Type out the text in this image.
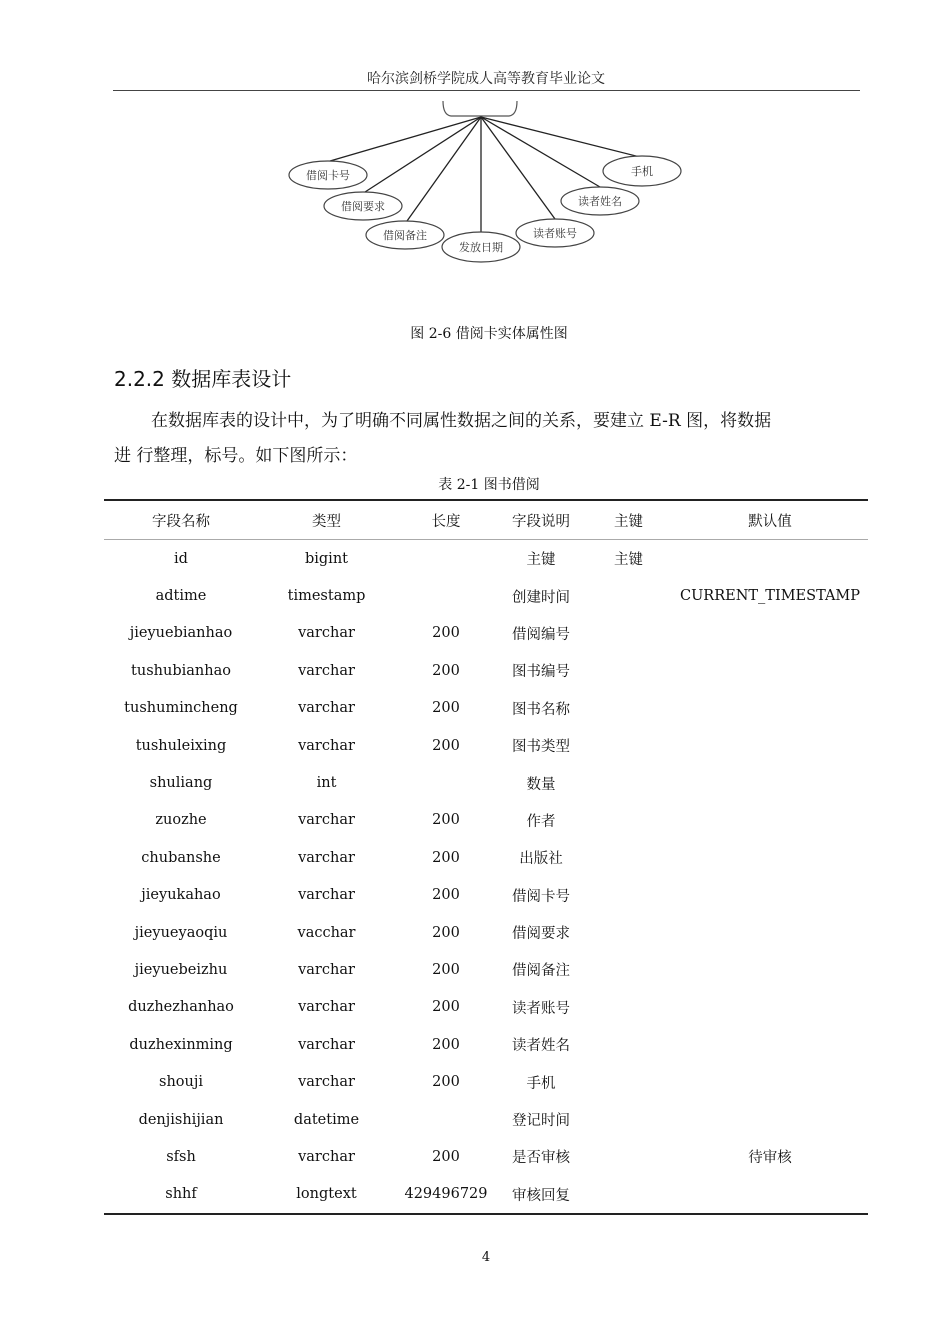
哈尔滨剑桥学院成人高等教育毕业论文
借阅卡号
借阅要求
借阅备注
发放日期
读者账号
读者姓名
手机
图 2-6 借阅卡实体属性图
2.2.2 数据库表设计
在数据库表的设计中，为了明确不同属性数据之间的关系，要建立 E-R 图，将数据
进 行整理，标号。如下图所示：
表 2-1 图书借阅
字段名称	类型	长度	字段说明	主键	默认值
id	bigint		主键	主键	
adtime	timestamp		创建时间		CURRENT_TIMESTAMP
jieyuebianhao	varchar	200	借阅编号		
tushubianhao	varchar	200	图书编号		
tushumincheng	varchar	200	图书名称		
tushuleixing	varchar	200	图书类型		
shuliang	int		数量		
zuozhe	varchar	200	作者		
chubanshe	varchar	200	出版社		
jieyukahao	varchar	200	借阅卡号		
jieyueyaoqiu	vacchar	200	借阅要求		
jieyuebeizhu	varchar	200	借阅备注		
duzhezhanhao	varchar	200	读者账号		
duzhexinming	varchar	200	读者姓名		
shouji	varchar	200	手机		
denjishijian	datetime		登记时间		
sfsh	varchar	200	是否审核		待审核
shhf	longtext	429496729	审核回复		
4
